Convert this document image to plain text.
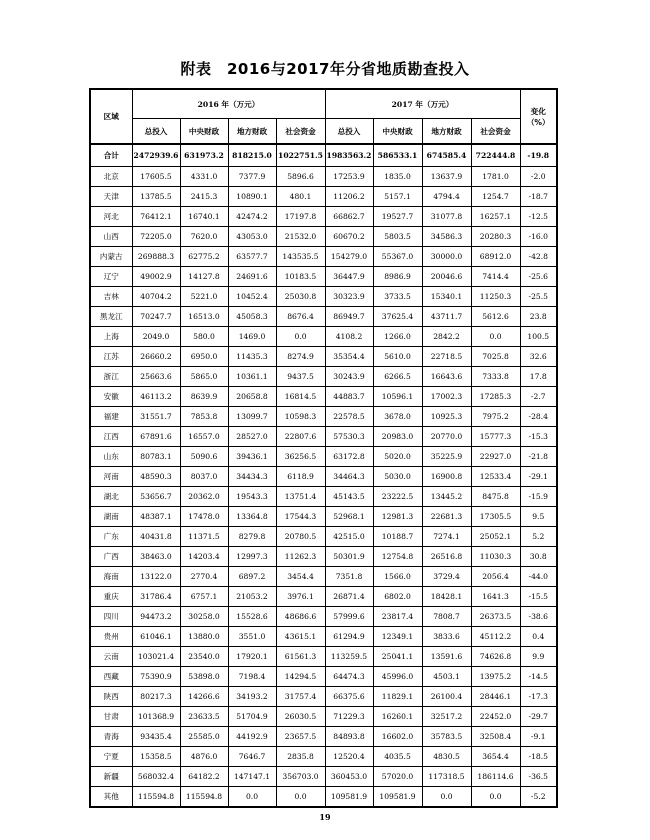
附表　2016与2017年分省地质勘查投入
区域	2016 年（万元）				2017 年（万元）				变化
（%）
	总投入	中央财政	地方财政	社会资金	总投入	中央财政	地方财政	社会资金	
合计	2472939.6	631973.2	818215.0	1022751.5	1983563.2	586533.1	674585.4	722444.8	-19.8
北京	17605.5	4331.0	7377.9	5896.6	17253.9	1835.0	13637.9	1781.0	-2.0
天津	13785.5	2415.3	10890.1	480.1	11206.2	5157.1	4794.4	1254.7	-18.7
河北	76412.1	16740.1	42474.2	17197.8	66862.7	19527.7	31077.8	16257.1	-12.5
山西	72205.0	7620.0	43053.0	21532.0	60670.2	5803.5	34586.3	20280.3	-16.0
内蒙古	269888.3	62775.2	63577.7	143535.5	154279.0	55367.0	30000.0	68912.0	-42.8
辽宁	49002.9	14127.8	24691.6	10183.5	36447.9	8986.9	20046.6	7414.4	-25.6
吉林	40704.2	5221.0	10452.4	25030.8	30323.9	3733.5	15340.1	11250.3	-25.5
黑龙江	70247.7	16513.0	45058.3	8676.4	86949.7	37625.4	43711.7	5612.6	23.8
上海	2049.0	580.0	1469.0	0.0	4108.2	1266.0	2842.2	0.0	100.5
江苏	26660.2	6950.0	11435.3	8274.9	35354.4	5610.0	22718.5	7025.8	32.6
浙江	25663.6	5865.0	10361.1	9437.5	30243.9	6266.5	16643.6	7333.8	17.8
安徽	46113.2	8639.9	20658.8	16814.5	44883.7	10596.1	17002.3	17285.3	-2.7
福建	31551.7	7853.8	13099.7	10598.3	22578.5	3678.0	10925.3	7975.2	-28.4
江西	67891.6	16557.0	28527.0	22807.6	57530.3	20983.0	20770.0	15777.3	-15.3
山东	80783.1	5090.6	39436.1	36256.5	63172.8	5020.0	35225.9	22927.0	-21.8
河南	48590.3	8037.0	34434.3	6118.9	34464.3	5030.0	16900.8	12533.4	-29.1
湖北	53656.7	20362.0	19543.3	13751.4	45143.5	23222.5	13445.2	8475.8	-15.9
湖南	48387.1	17478.0	13364.8	17544.3	52968.1	12981.3	22681.3	17305.5	9.5
广东	40431.8	11371.5	8279.8	20780.5	42515.0	10188.7	7274.1	25052.1	5.2
广西	38463.0	14203.4	12997.3	11262.3	50301.9	12754.8	26516.8	11030.3	30.8
海南	13122.0	2770.4	6897.2	3454.4	7351.8	1566.0	3729.4	2056.4	-44.0
重庆	31786.4	6757.1	21053.2	3976.1	26871.4	6802.0	18428.1	1641.3	-15.5
四川	94473.2	30258.0	15528.6	48686.6	57999.6	23817.4	7808.7	26373.5	-38.6
贵州	61046.1	13880.0	3551.0	43615.1	61294.9	12349.1	3833.6	45112.2	0.4
云南	103021.4	23540.0	17920.1	61561.3	113259.5	25041.1	13591.6	74626.8	9.9
西藏	75390.9	53898.0	7198.4	14294.5	64474.3	45996.0	4503.1	13975.2	-14.5
陕西	80217.3	14266.6	34193.2	31757.4	66375.6	11829.1	26100.4	28446.1	-17.3
甘肃	101368.9	23633.5	51704.9	26030.5	71229.3	16260.1	32517.2	22452.0	-29.7
青海	93435.4	25585.0	44192.9	23657.5	84893.8	16602.0	35783.5	32508.4	-9.1
宁夏	15358.5	4876.0	7646.7	2835.8	12520.4	4035.5	4830.5	3654.4	-18.5
新疆	568032.4	64182.2	147147.1	356703.0	360453.0	57020.0	117318.5	186114.6	-36.5
其他	115594.8	115594.8	0.0	0.0	109581.9	109581.9	0.0	0.0	-5.2
19
